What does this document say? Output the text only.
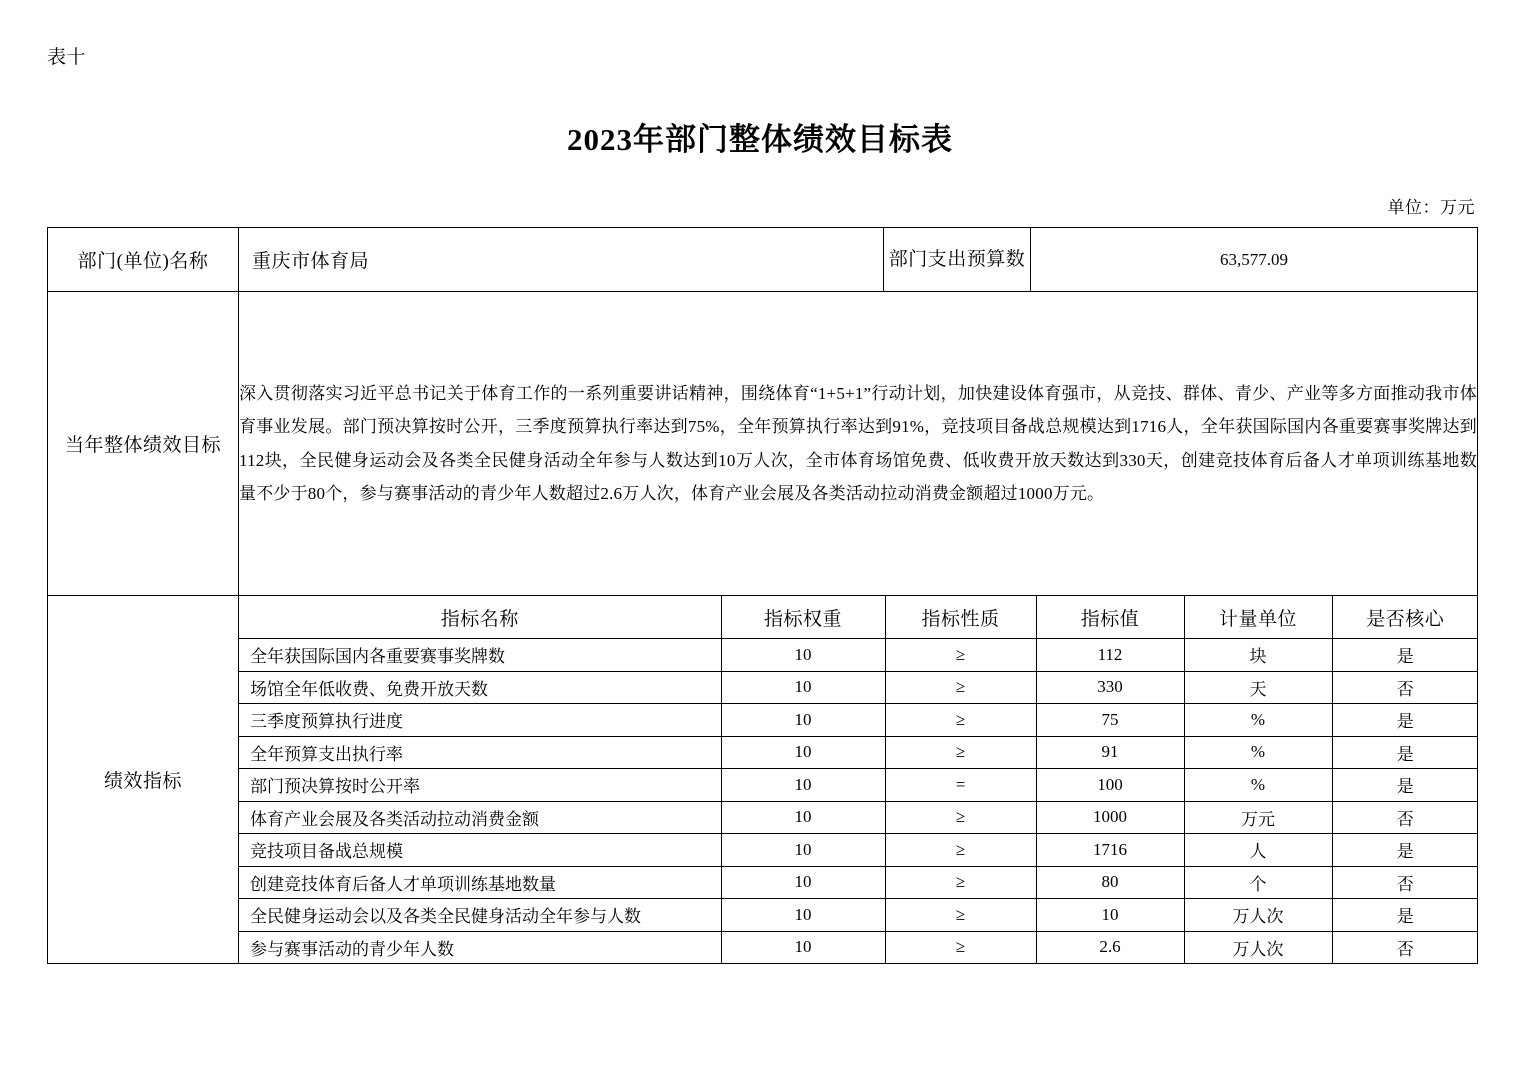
表十
2023年部门整体绩效目标表
单位：万元
部门(单位)名称	重庆市体育局	部门支出预算数	63,577.09
当年整体绩效目标	深入贯彻落实习近平总书记关于体育工作的一系列重要讲话精神，围绕体育“1+5+1”行动计划，加快建设体育强市，从竞技、群体、青少、产业等多方面推动我市体育事业发展。部门预决算按时公开，三季度预算执行率达到75%，全年预算执行率达到91%，竞技项目备战总规模达到1716人，全年获国际国内各重要赛事奖牌达到112块，全民健身运动会及各类全民健身活动全年参与人数达到10万人次，全市体育场馆免费、低收费开放天数达到330天，创建竞技体育后备人才单项训练基地数量不少于80个，参与赛事活动的青少年人数超过2.6万人次，体育产业会展及各类活动拉动消费金额超过1000万元。
绩效指标	
指标名称	指标权重	指标性质	指标值	计量单位	是否核心
全年获国际国内各重要赛事奖牌数	10	≥	112	块	是
场馆全年低收费、免费开放天数	10	≥	330	天	否
三季度预算执行进度	10	≥	75	%	是
全年预算支出执行率	10	≥	91	%	是
部门预决算按时公开率	10	=	100	%	是
体育产业会展及各类活动拉动消费金额	10	≥	1000	万元	否
竞技项目备战总规模	10	≥	1716	人	是
创建竞技体育后备人才单项训练基地数量	10	≥	80	个	否
全民健身运动会以及各类全民健身活动全年参与人数	10	≥	10	万人次	是
参与赛事活动的青少年人数	10	≥	2.6	万人次	否
